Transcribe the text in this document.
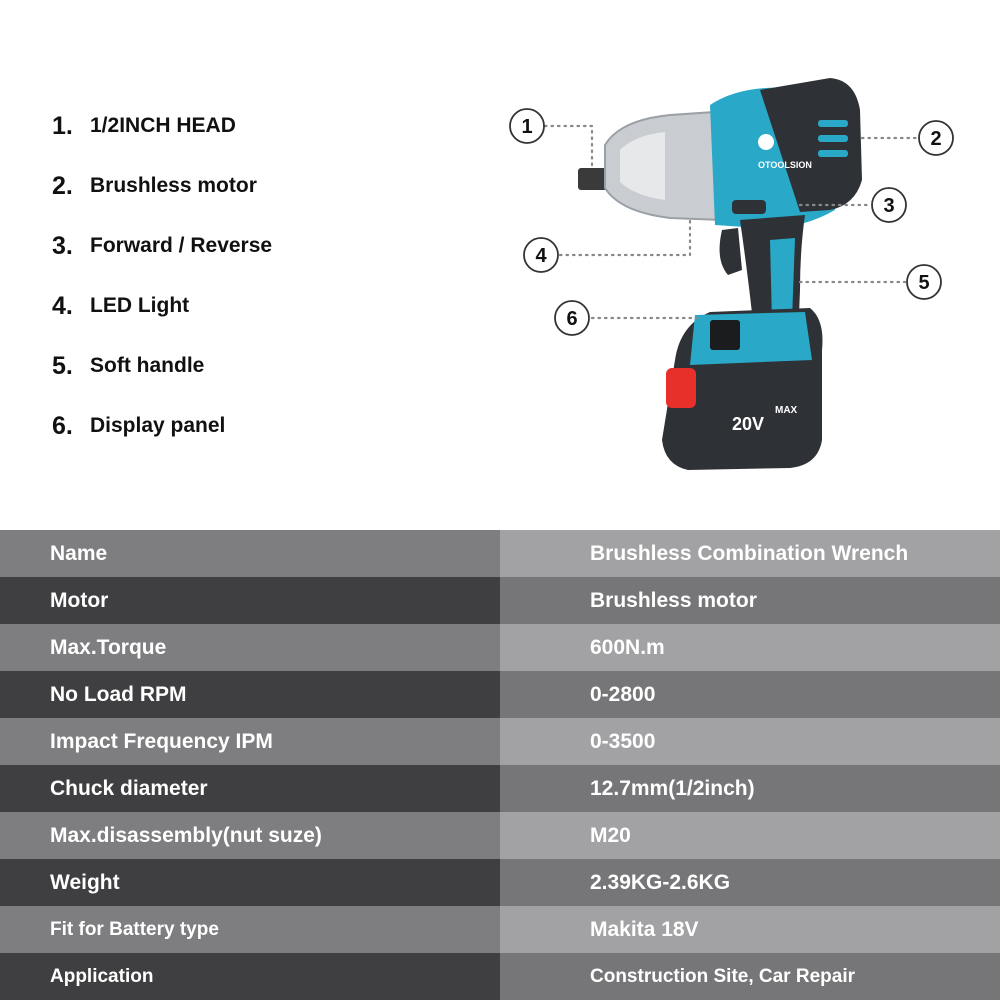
1. 1/2INCH HEAD
2. Brushless motor
3. Forward / Reverse
4. LED Light
5. Soft handle
6. Display panel
OTOOLSION
20V
MAX
1
2
3
4
5
6
Name	Brushless Combination Wrench
Motor	Brushless motor
Max.Torque	600N.m
No Load RPM	0-2800
Impact Frequency IPM	0-3500
Chuck diameter	12.7mm(1/2inch)
Max.disassembly(nut suze)	M20
Weight	2.39KG-2.6KG
Fit for Battery type	Makita 18V
Application	Construction Site, Car Repair
